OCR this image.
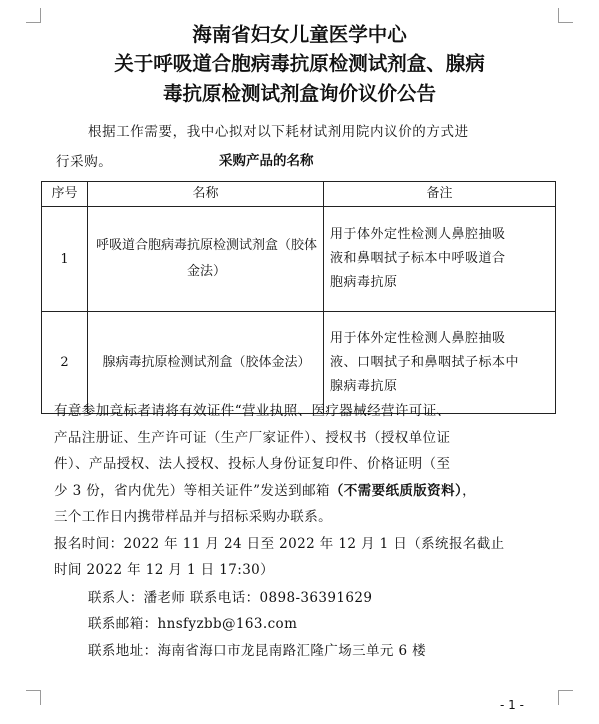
海南省妇女儿童医学中心
关于呼吸道合胞病毒抗原检测试剂盒、腺病
毒抗原检测试剂盒询价议价公告
根据工作需要，我中心拟对以下耗材试剂用院内议价的方式进
行采购。	采购产品的名称
序号	名称	备注
1	呼吸道合胞病毒抗原检测试剂盒（胶体金法）	用于体外定性检测人鼻腔抽吸
液和鼻咽拭子标本中呼吸道合
胞病毒抗原

2	腺病毒抗原检测试剂盒（胶体金法）	用于体外定性检测人鼻腔抽吸
液、口咽拭子和鼻咽拭子标本中
腺病毒抗原
有意参加竞标者请将有效证件“营业执照、医疗器械经营许可证、
产品注册证、生产许可证（生产厂家证件）、授权书（授权单位证
件）、产品授权、法人授权、投标人身份证复印件、价格证明（至
少 3 份，省内优先）等相关证件”发送到邮箱（不需要纸质版资料），
三个工作日内携带样品并与招标采购办联系。
报名时间：2022 年 11 月 24 日至 2022 年 12 月 1 日（系统报名截止
时间 2022 年 12 月 1 日 17:30）
联系人：潘老师 联系电话：0898-36391629
联系邮箱：hnsfyzbb@163.com
联系地址：海南省海口市龙昆南路汇隆广场三单元 6 楼
- 1 -
